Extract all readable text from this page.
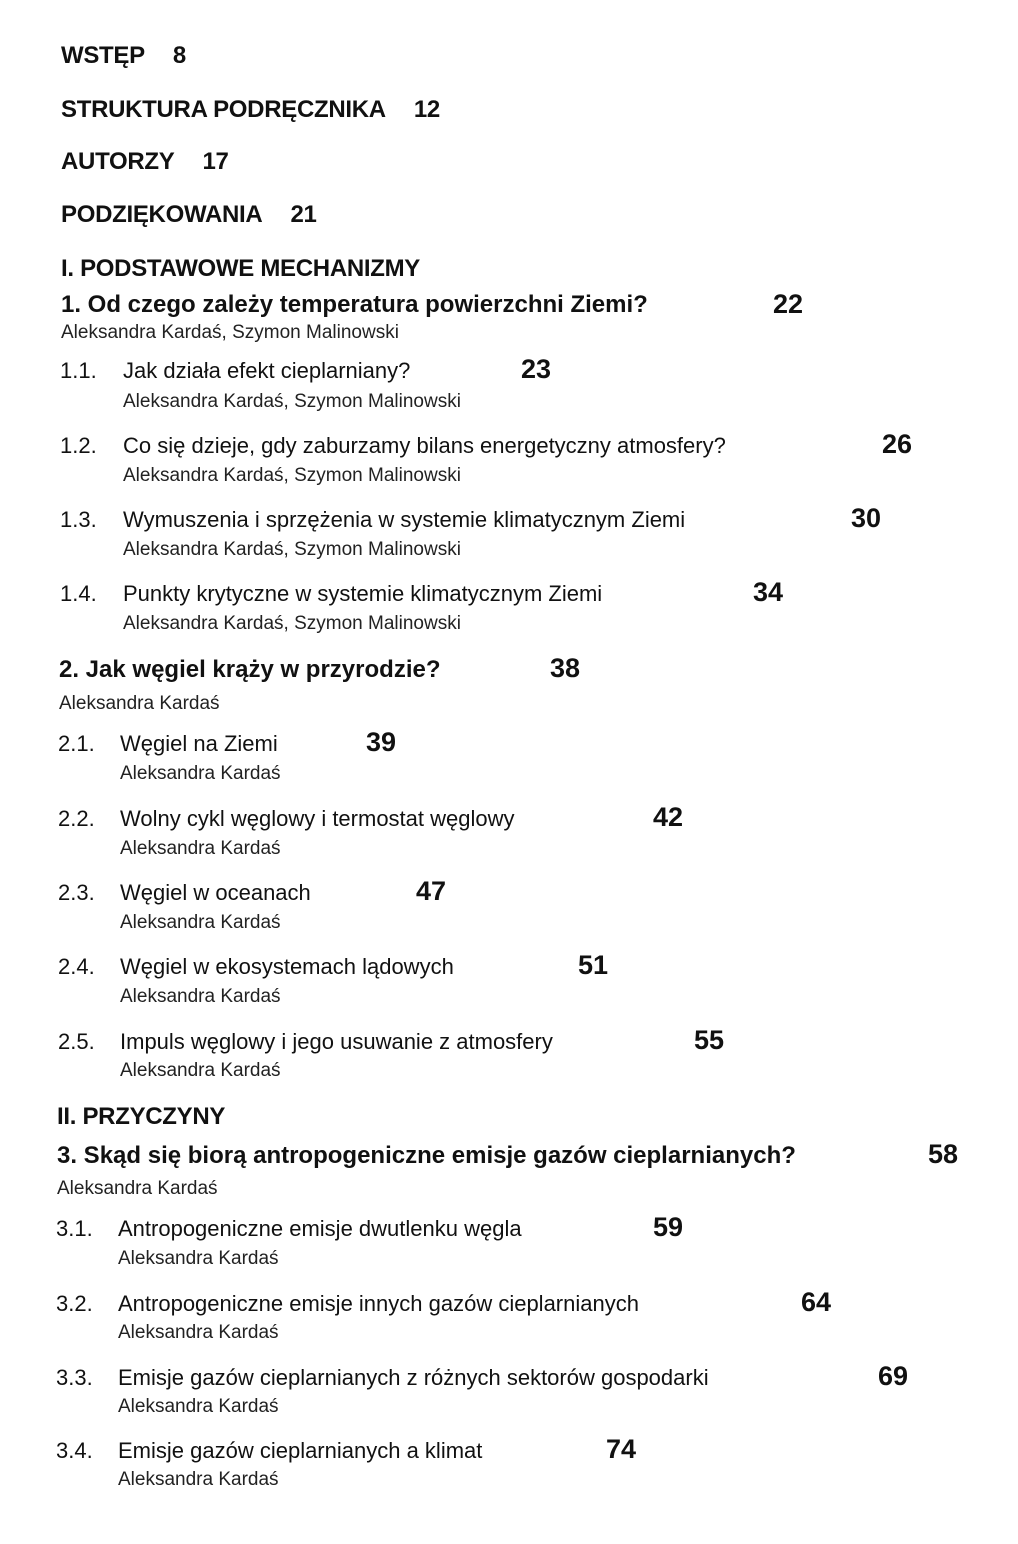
WSTĘP 8
STRUKTURA PODRĘCZNIKA 12
AUTORZY 17
PODZIĘKOWANIA 21
I. PODSTAWOWE MECHANIZMY
1. Od czego zależy temperatura powierzchni Ziemi?	22
Aleksandra Kardaś, Szymon Malinowski
1.1. Jak działa efekt cieplarniany?	23
Aleksandra Kardaś, Szymon Malinowski
1.2. Co się dzieje, gdy zaburzamy bilans energetyczny atmosfery?	26
Aleksandra Kardaś, Szymon Malinowski
1.3. Wymuszenia i sprzężenia w systemie klimatycznym Ziemi	30
Aleksandra Kardaś, Szymon Malinowski
1.4. Punkty krytyczne w systemie klimatycznym Ziemi	34
Aleksandra Kardaś, Szymon Malinowski
2. Jak węgiel krąży w przyrodzie?	38
Aleksandra Kardaś
2.1. Węgiel na Ziemi	39
Aleksandra Kardaś
2.2. Wolny cykl węglowy i termostat węglowy	42
Aleksandra Kardaś
2.3. Węgiel w oceanach	47
Aleksandra Kardaś
2.4. Węgiel w ekosystemach lądowych	51
Aleksandra Kardaś
2.5. Impuls węglowy i jego usuwanie z atmosfery	55
Aleksandra Kardaś
II. PRZYCZYNY
3. Skąd się biorą antropogeniczne emisje gazów cieplarnianych?	58
Aleksandra Kardaś
3.1. Antropogeniczne emisje dwutlenku węgla	59
Aleksandra Kardaś
3.2. Antropogeniczne emisje innych gazów cieplarnianych	64
Aleksandra Kardaś
3.3. Emisje gazów cieplarnianych z różnych sektorów gospodarki	69
Aleksandra Kardaś
3.4. Emisje gazów cieplarnianych a klimat	74
Aleksandra Kardaś
